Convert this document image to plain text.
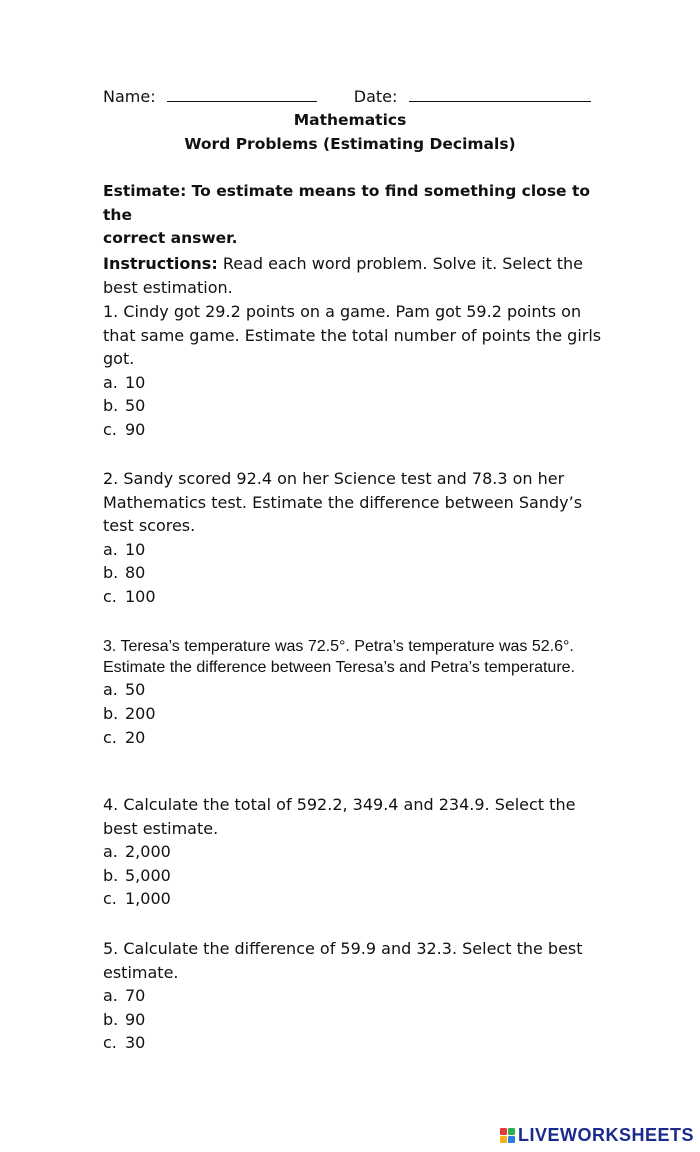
Name:	Date:
Mathematics
Word Problems (Estimating Decimals)
Estimate: To estimate means to find something close to the
correct answer.
Instructions: Read each word problem. Solve it. Select the best estimation.
1. Cindy got 29.2 points on a game. Pam got 59.2 points on that same game. Estimate the total number of points the girls got.
a. 10
b. 50
c. 90
2. Sandy scored 92.4 on her Science test and 78.3 on her Mathematics test. Estimate the difference between Sandy’s test scores.
a. 10
b. 80
c. 100
3. Teresa’s temperature was 72.5°. Petra’s temperature was 52.6°. Estimate the difference between Teresa’s and Petra’s temperature.
a. 50
b. 200
c. 20
4. Calculate the total of 592.2, 349.4 and 234.9. Select the best estimate.
a. 2,000
b. 5,000
c. 1,000
5. Calculate the difference of 59.9 and 32.3. Select the best estimate.
a. 70
b. 90
c. 30
LIVEWORKSHEETS
